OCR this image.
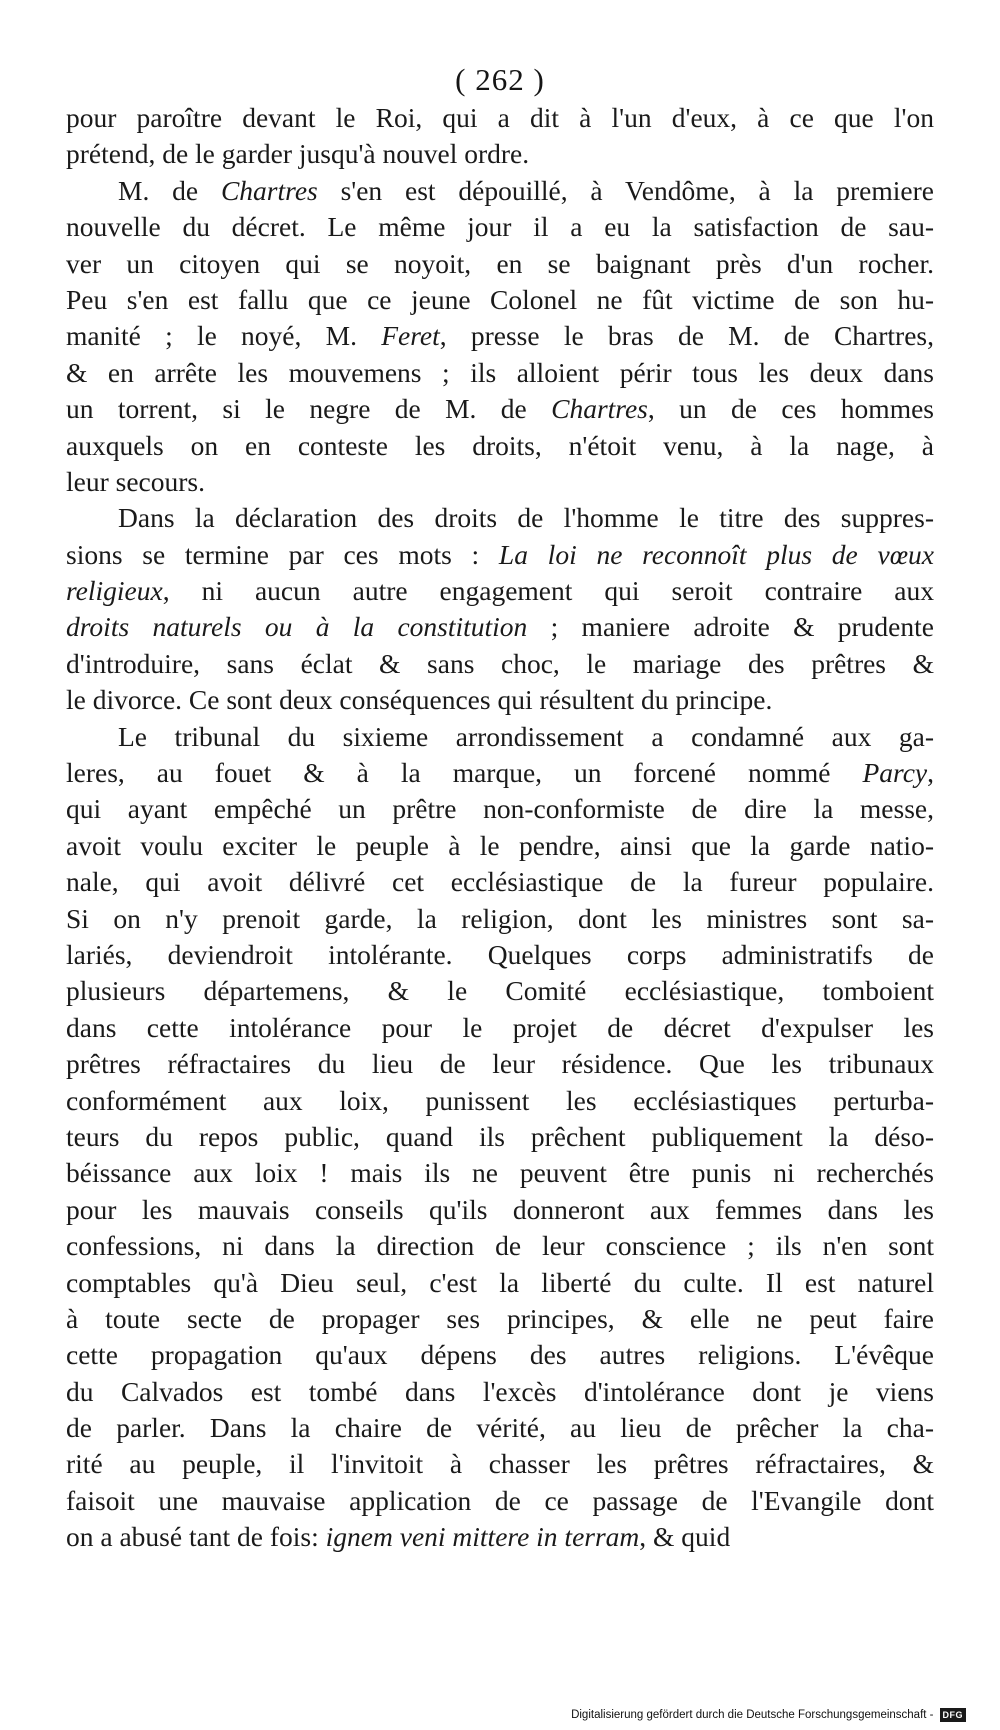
( 262 )
pour paroître devant le Roi, qui a dit à l'un d'eux, à ce que l'on
prétend, de le garder jusqu'à nouvel ordre.
M. de Chartres s'en est dépouillé, à Vendôme, à la premiere
nouvelle du décret. Le même jour il a eu la satisfaction de sau-
ver un citoyen qui se noyoit, en se baignant près d'un rocher.
Peu s'en est fallu que ce jeune Colonel ne fût victime de son hu-
manité ; le noyé, M. Feret, presse le bras de M. de Chartres,
& en arrête les mouvemens ; ils alloient périr tous les deux dans
un torrent, si le negre de M. de Chartres, un de ces hommes
auxquels on en conteste les droits, n'étoit venu, à la nage, à
leur secours.
Dans la déclaration des droits de l'homme le titre des suppres-
sions se termine par ces mots : La loi ne reconnoît plus de vœux
religieux, ni aucun autre engagement qui seroit contraire aux
droits naturels ou à la constitution ; maniere adroite & prudente
d'introduire, sans éclat & sans choc, le mariage des prêtres &
le divorce. Ce sont deux conséquences qui résultent du principe.
Le tribunal du sixieme arrondissement a condamné aux ga-
leres, au fouet & à la marque, un forcené nommé Parcy,
qui ayant empêché un prêtre non-conformiste de dire la messe,
avoit voulu exciter le peuple à le pendre, ainsi que la garde natio-
nale, qui avoit délivré cet ecclésiastique de la fureur populaire.
Si on n'y prenoit garde, la religion, dont les ministres sont sa-
lariés, deviendroit intolérante. Quelques corps administratifs de
plusieurs départemens, & le Comité ecclésiastique, tomboient
dans cette intolérance pour le projet de décret d'expulser les
prêtres réfractaires du lieu de leur résidence. Que les tribunaux
conformément aux loix, punissent les ecclésiastiques perturba-
teurs du repos public, quand ils prêchent publiquement la déso-
béissance aux loix ! mais ils ne peuvent être punis ni recherchés
pour les mauvais conseils qu'ils donneront aux femmes dans les
confessions, ni dans la direction de leur conscience ; ils n'en sont
comptables qu'à Dieu seul, c'est la liberté du culte. Il est naturel
à toute secte de propager ses principes, & elle ne peut faire
cette propagation qu'aux dépens des autres religions. L'évêque
du Calvados est tombé dans l'excès d'intolérance dont je viens
de parler. Dans la chaire de vérité, au lieu de prêcher la cha-
rité au peuple, il l'invitoit à chasser les prêtres réfractaires, &
faisoit une mauvaise application de ce passage de l'Evangile dont
on a abusé tant de fois: ignem veni mittere in terram, & quid
Digitalisierung gefördert durch die Deutsche Forschungsgemeinschaft -	DFG
